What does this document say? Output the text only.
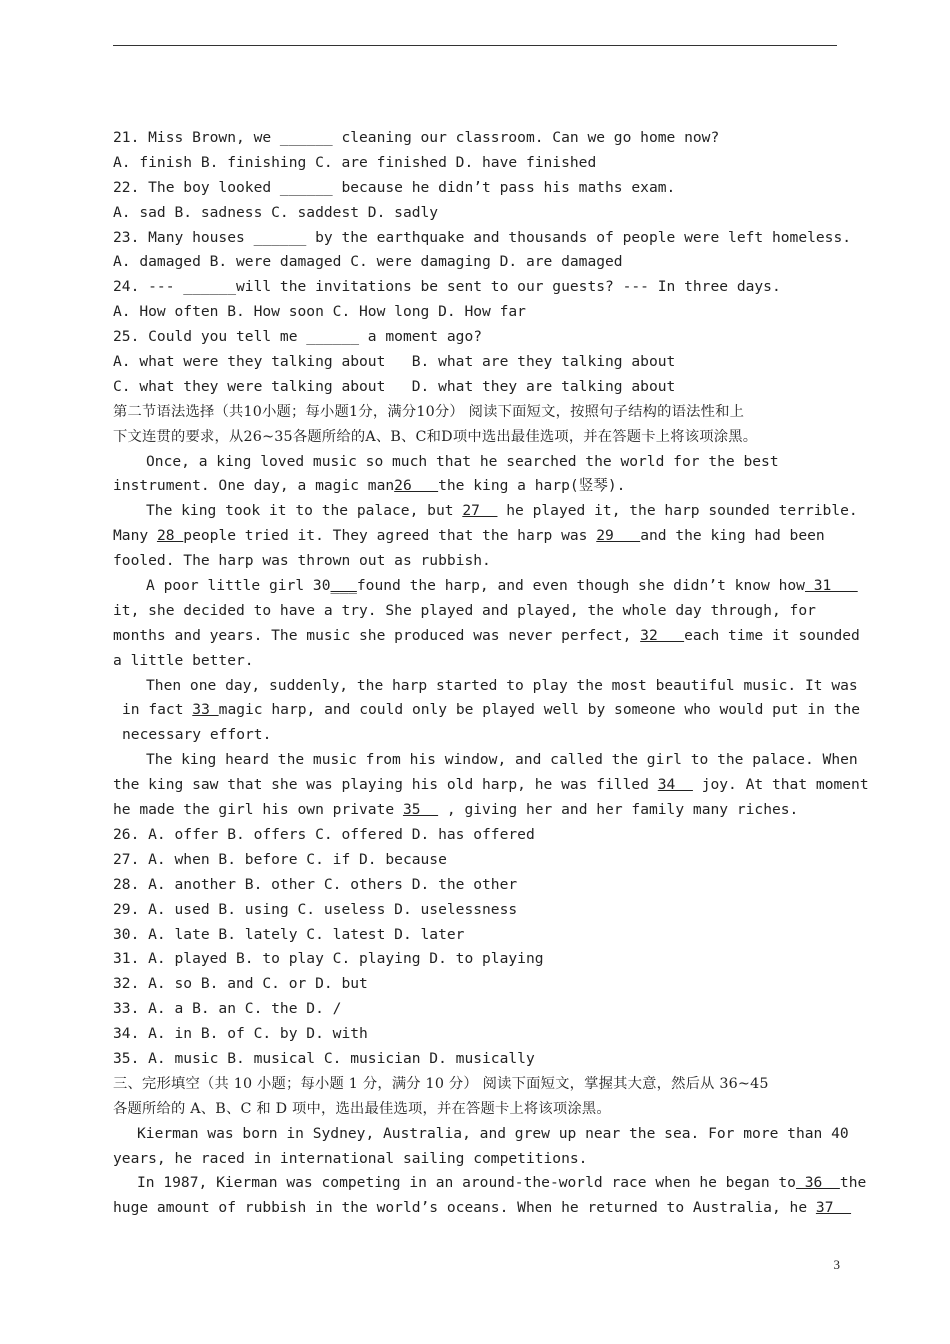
21. Miss Brown, we ______ cleaning our classroom. Can we go home now?
A. finish B. finishing C. are finished D. have finished
22. The boy looked ______ because he didn’t pass his maths exam.
A. sad B. sadness C. saddest D. sadly
23. Many houses ______ by the earthquake and thousands of people were left homeless.
A. damaged B. were damaged C. were damaging D. are damaged
24. --- ______will the invitations be sent to our guests? --- In three days.
A. How often B. How soon C. How long D. How far
25. Could you tell me ______ a moment ago?
A. what were they talking about   B. what are they talking about
C. what they were talking about   D. what they are talking about
第二节语法选择（共10小题；每小题1分，满分10分） 阅读下面短文，按照句子结构的语法性和上
下文连贯的要求，从26~35各题所给的A、B、C和D项中选出最佳选项，并在答题卡上将该项涂黑。
Once, a king loved music so much that he searched the world for the best
instrument. One day, a magic man26   the king a harp(竖琴).
The king took it to the palace, but 27   he played it, the harp sounded terrible.
Many 28 people tried it. They agreed that the harp was 29   and the king had been
fooled. The harp was thrown out as rubbish.
A poor little girl 30___found the harp, and even though she didn’t know how 31
it, she decided to have a try. She played and played, the whole day through, for
months and years. The music she produced was never perfect, 32   each time it sounded
a little better.
Then one day, suddenly, the harp started to play the most beautiful music. It was
in fact 33 magic harp, and could only be played well by someone who would put in the
necessary effort.
The king heard the music from his window, and called the girl to the palace. When
the king saw that she was playing his old harp, he was filled 34   joy. At that moment
he made the girl his own private 35   , giving her and her family many riches.
26. A. offer B. offers C. offered D. has offered
27. A. when B. before C. if D. because
28. A. another B. other C. others D. the other
29. A. used B. using C. useless D. uselessness
30. A. late B. lately C. latest D. later
31. A. played B. to play C. playing D. to playing
32. A. so B. and C. or D. but
33. A. a B. an C. the D. /
34. A. in B. of C. by D. with
35. A. music B. musical C. musician D. musically
三、完形填空（共 10 小题；每小题 1 分，满分 10 分） 阅读下面短文，掌握其大意，然后从 36~45
各题所给的 A、B、C 和 D 项中，选出最佳选项，并在答题卡上将该项涂黑。
Kierman was born in Sydney, Australia, and grew up near the sea. For more than 40
years, he raced in international sailing competitions.
In 1987, Kierman was competing in an around-the-world race when he began to 36  the
huge amount of rubbish in the world’s oceans. When he returned to Australia, he 37
3
